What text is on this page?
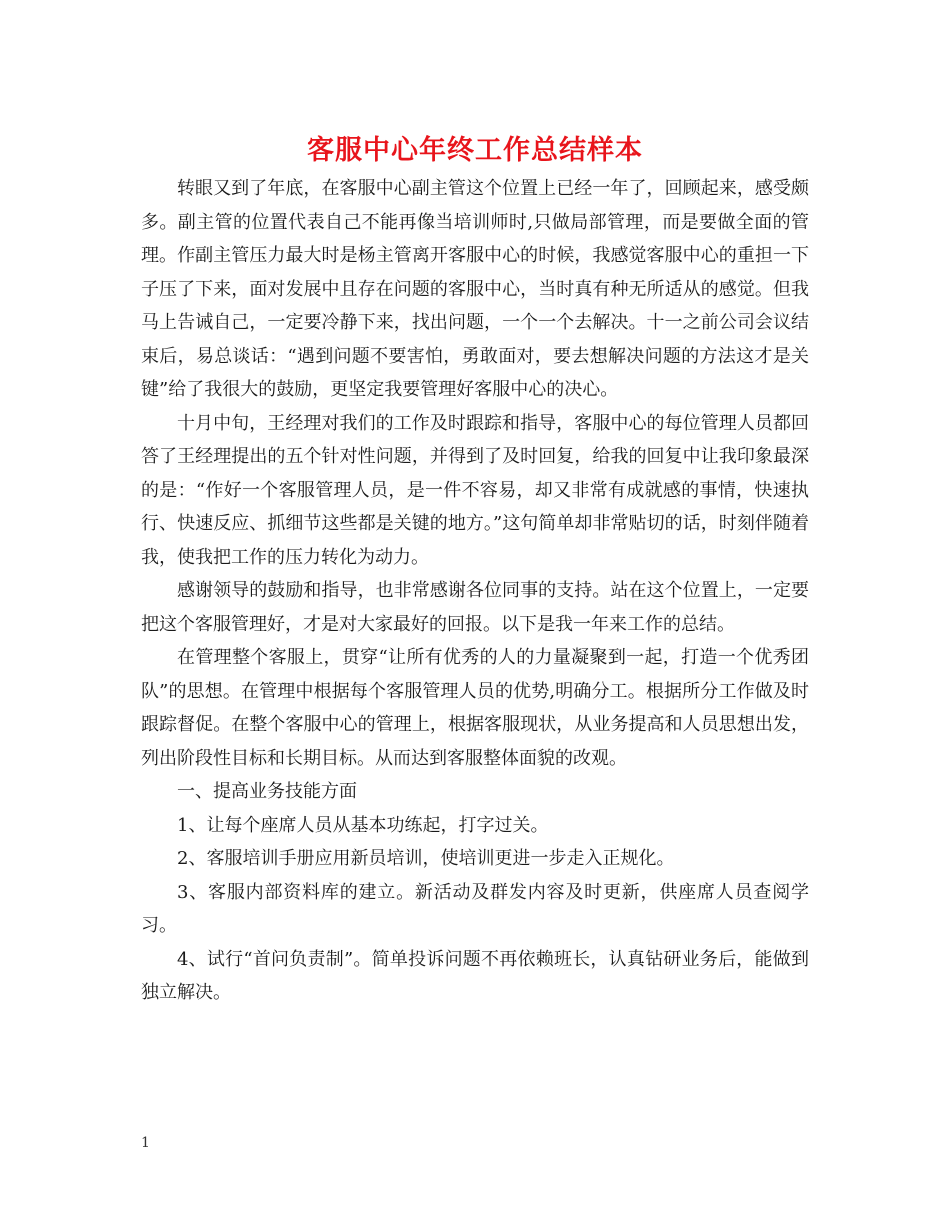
客服中心年终工作总结样本

转眼又到了年底，在客服中心副主管这个位置上已经一年了，回顾起来，感受颇多。副主管的位置代表自己不能再像当培训师时,只做局部管理，而是要做全面的管理。作副主管压力最大时是杨主管离开客服中心的时候，我感觉客服中心的重担一下子压了下来，面对发展中且存在问题的客服中心，当时真有种无所适从的感觉。但我马上告诫自己，一定要冷静下来，找出问题，一个一个去解决。十一之前公司会议结束后，易总谈话：“遇到问题不要害怕，勇敢面对，要去想解决问题的方法这才是关键”给了我很大的鼓励，更坚定我要管理好客服中心的决心。

十月中旬，王经理对我们的工作及时跟踪和指导，客服中心的每位管理人员都回答了王经理提出的五个针对性问题，并得到了及时回复，给我的回复中让我印象最深的是：“作好一个客服管理人员，是一件不容易，却又非常有成就感的事情，快速执行、快速反应、抓细节这些都是关键的地方。”这句简单却非常贴切的话，时刻伴随着我，使我把工作的压力转化为动力。

感谢领导的鼓励和指导，也非常感谢各位同事的支持。站在这个位置上，一定要把这个客服管理好，才是对大家最好的回报。以下是我一年来工作的总结。

在管理整个客服上，贯穿“让所有优秀的人的力量凝聚到一起，打造一个优秀团队”的思想。在管理中根据每个客服管理人员的优势,明确分工。根据所分工作做及时跟踪督促。在整个客服中心的管理上，根据客服现状，从业务提高和人员思想出发，列出阶段性目标和长期目标。从而达到客服整体面貌的改观。

一、提高业务技能方面

1、让每个座席人员从基本功练起，打字过关。

2、客服培训手册应用新员培训，使培训更进一步走入正规化。

3、客服内部资料库的建立。新活动及群发内容及时更新，供座席人员查阅学习。

4、试行“首问负责制”。简单投诉问题不再依赖班长，认真钻研业务后，能做到独立解决。

1
